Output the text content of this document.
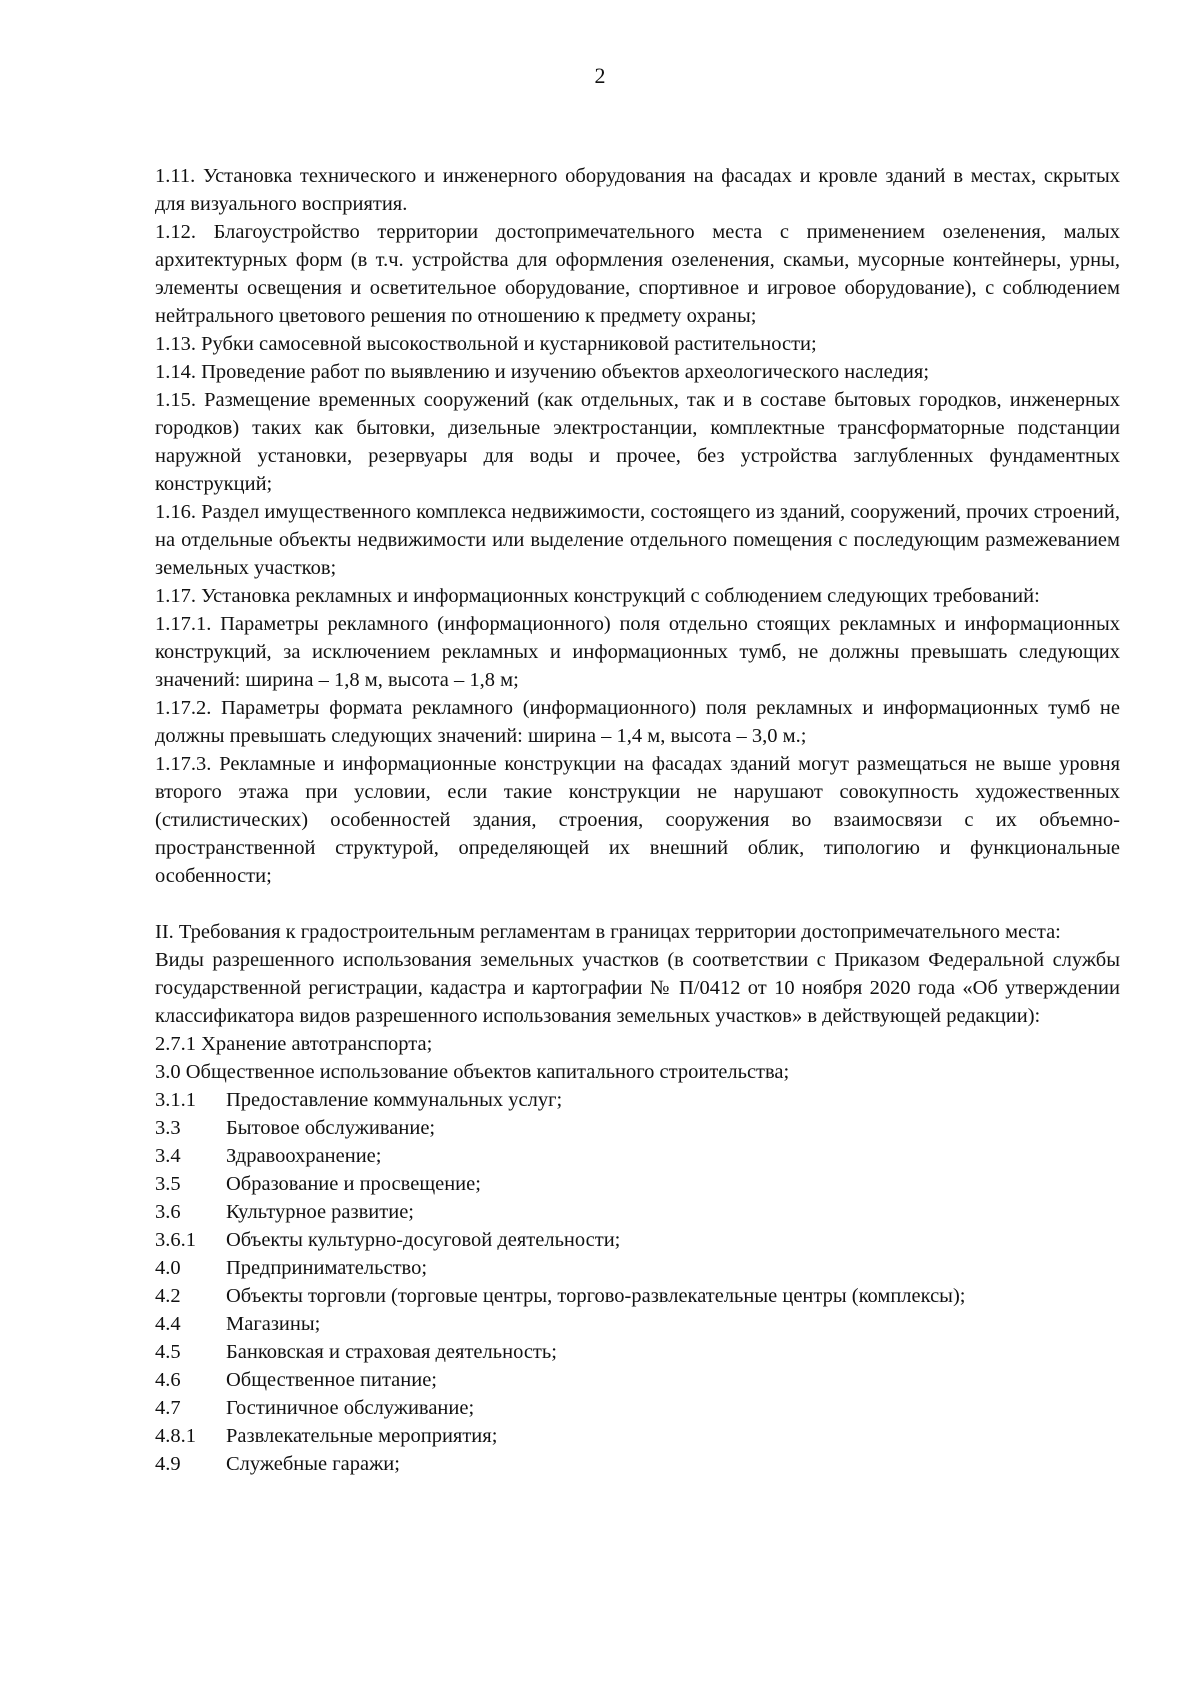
2

1.11. Установка технического и инженерного оборудования на фасадах и кровле зданий в местах, скрытых для визуального восприятия.

1.12. Благоустройство территории достопримечательного места с применением озеленения, малых архитектурных форм (в т.ч. устройства для оформления озеленения, скамьи, мусорные контейнеры, урны, элементы освещения и осветительное оборудование, спортивное и игровое оборудование), с соблюдением нейтрального цветового решения по отношению к предмету охраны;

1.13. Рубки самосевной высокоствольной и кустарниковой растительности;

1.14. Проведение работ по выявлению и изучению объектов археологического наследия;

1.15. Размещение временных сооружений (как отдельных, так и в составе бытовых городков, инженерных городков) таких как бытовки, дизельные электростанции, комплектные трансформаторные подстанции наружной установки, резервуары для воды и прочее, без устройства заглубленных фундаментных конструкций;

1.16. Раздел имущественного комплекса недвижимости, состоящего из зданий, сооружений, прочих строений, на отдельные объекты недвижимости или выделение отдельного помещения с последующим размежеванием земельных участков;

1.17. Установка рекламных и информационных конструкций с соблюдением следующих требований:

1.17.1. Параметры рекламного (информационного) поля отдельно стоящих рекламных и информационных конструкций, за исключением рекламных и информационных тумб, не должны превышать следующих значений: ширина – 1,8 м, высота – 1,8 м;

1.17.2. Параметры формата рекламного (информационного) поля рекламных и информационных тумб не должны превышать следующих значений: ширина – 1,4 м, высота – 3,0 м.;

1.17.3. Рекламные и информационные конструкции на фасадах зданий могут размещаться не выше уровня второго этажа при условии, если такие конструкции не нарушают совокупность художественных (стилистических) особенностей здания, строения, сооружения во взаимосвязи с их объемно-пространственной структурой, определяющей их внешний облик, типологию и функциональные особенности;

II. Требования к градостроительным регламентам в границах территории достопримечательного места:

Виды разрешенного использования земельных участков (в соответствии с Приказом Федеральной службы государственной регистрации, кадастра и картографии № П/0412 от 10 ноября 2020 года «Об утверждении классификатора видов разрешенного использования земельных участков» в действующей редакции):

2.7.1 Хранение автотранспорта;

3.0 Общественное использование объектов капитального строительства;

3.1.1	Предоставление коммунальных услуг;
3.3	Бытовое обслуживание;
3.4	Здравоохранение;
3.5	Образование и просвещение;
3.6	Культурное развитие;
3.6.1	Объекты культурно-досуговой деятельности;
4.0	Предпринимательство;
4.2	Объекты торговли (торговые центры, торгово-развлекательные центры (комплексы);
4.4	Магазины;
4.5	Банковская и страховая деятельность;
4.6	Общественное питание;
4.7	Гостиничное обслуживание;
4.8.1	Развлекательные мероприятия;
4.9	Служебные гаражи;
